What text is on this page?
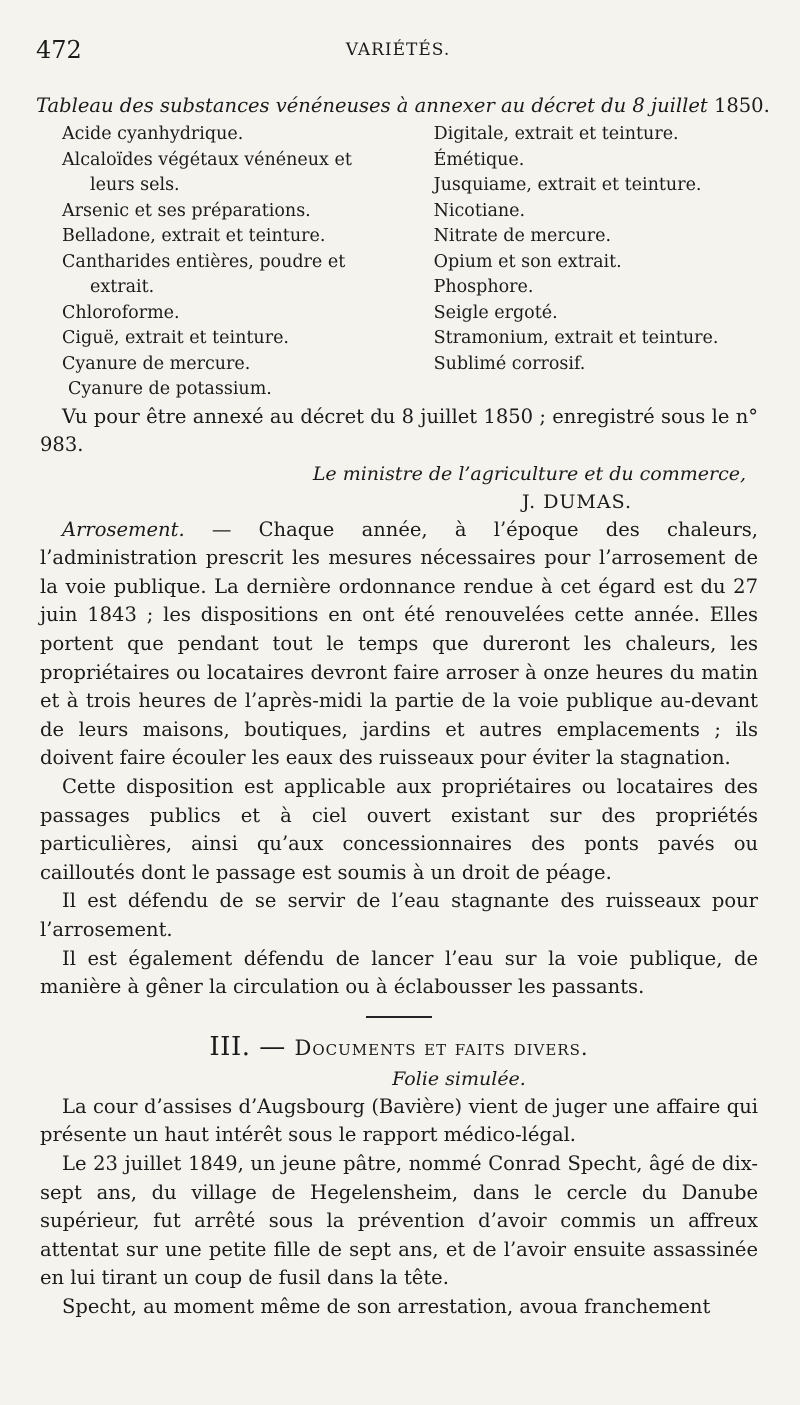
472	VARIÉTÉS.
Tableau des substances vénéneuses à annexer au décret du 8 juillet 1850.
Acide cyanhydrique.
Alcaloïdes végétaux vénéneux et
leurs sels.
Arsenic et ses préparations.
Belladone, extrait et teinture.
Cantharides entières, poudre et
extrait.
Chloroforme.
Ciguë, extrait et teinture.
Cyanure de mercure.
Cyanure de potassium.
Digitale, extrait et teinture.
Émétique.
Jusquiame, extrait et teinture.
Nicotiane.
Nitrate de mercure.
Opium et son extrait.
Phosphore.
Seigle ergoté.
Stramonium, extrait et teinture.
Sublimé corrosif.

Vu pour être annexé au décret du 8 juillet 1850 ; enregistré sous le n° 983.

Le ministre de l’agriculture et du commerce,
J. DUMAS.

Arrosement. — Chaque année, à l’époque des chaleurs, l’administration prescrit les mesures nécessaires pour l’arrosement de la voie publique. La dernière ordonnance rendue à cet égard est du 27 juin 1843 ; les dispositions en ont été renouvelées cette année. Elles portent que pendant tout le temps que dureront les chaleurs, les propriétaires ou locataires devront faire arroser à onze heures du matin et à trois heures de l’après-midi la partie de la voie publique au-devant de leurs maisons, boutiques, jardins et autres emplacements ; ils doivent faire écouler les eaux des ruisseaux pour éviter la stagnation.

Cette disposition est applicable aux propriétaires ou locataires des passages publics et à ciel ouvert existant sur des propriétés particulières, ainsi qu’aux concessionnaires des ponts pavés ou cailloutés dont le passage est soumis à un droit de péage.

Il est défendu de se servir de l’eau stagnante des ruisseaux pour l’arrosement.

Il est également défendu de lancer l’eau sur la voie publique, de manière à gêner la circulation ou à éclabousser les passants.

III. — Documents et faits divers.
Folie simulée.

La cour d’assises d’Augsbourg (Bavière) vient de juger une affaire qui présente un haut intérêt sous le rapport médico-légal.

Le 23 juillet 1849, un jeune pâtre, nommé Conrad Specht, âgé de dix-sept ans, du village de Hegelensheim, dans le cercle du Danube supérieur, fut arrêté sous la prévention d’avoir commis un affreux attentat sur une petite fille de sept ans, et de l’avoir ensuite assassinée en lui tirant un coup de fusil dans la tête.

Specht, au moment même de son arrestation, avoua franchement
